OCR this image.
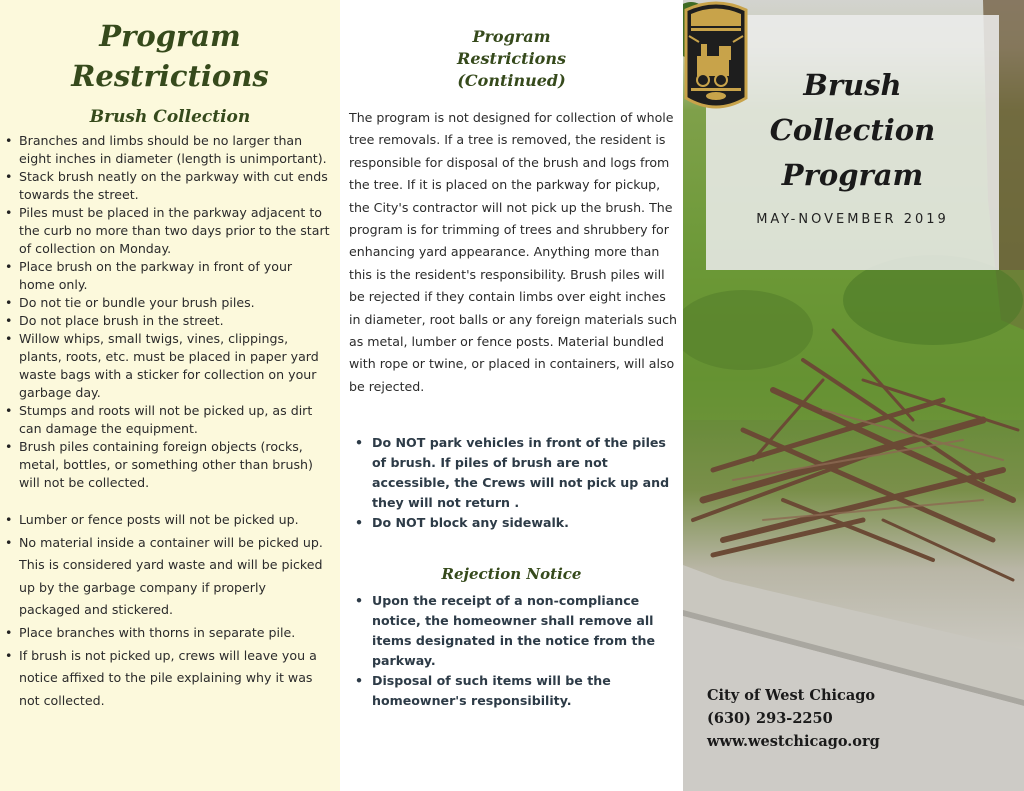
Program
Restrictions
Brush Collection
• Branches and limbs should be no larger than eight inches in diameter (length is unimportant).
• Stack brush neatly on the parkway with cut ends towards the street.
• Piles must be placed in the parkway adjacent to the curb no more than two days prior to the start of collection on Monday.
• Place brush on the parkway in front of your home only.
• Do not tie or bundle your brush piles.
• Do not place brush in the street.
• Willow whips, small twigs, vines, clippings, plants, roots, etc. must be placed in paper yard waste bags with a sticker for collection on your garbage day.
• Stumps and roots will not be picked up, as dirt can damage the equipment.
• Brush piles containing foreign objects (rocks, metal, bottles, or something other than brush) will not be collected.
• Lumber or fence posts will not be picked up.
• No material inside a container will be picked up. This is considered yard waste and will be picked up by the garbage company if properly packaged and stickered.
• Place branches with thorns in separate pile.
• If brush is not picked up, crews will leave you a notice affixed to the pile explaining why it was not collected.
Program
Restrictions
(Continued)

The program is not designed for collection of whole tree removals. If a tree is removed, the resident is responsible for disposal of the brush and logs from the tree. If it is placed on the parkway for pickup, the City's contractor will not pick up the brush. The program is for trimming of trees and shrubbery for enhancing yard appearance. Anything more than this is the resident's responsibility. Brush piles will be rejected if they contain limbs over eight inches in diameter, root balls or any foreign materials such as metal, lumber or fence posts. Material bundled with rope or twine, or placed in containers, will also be rejected.

• Do NOT park vehicles in front of the piles of brush. If piles of brush are not accessible, the Crews will not pick up and they will not return .
• Do NOT block any sidewalk.
Rejection Notice
• Upon the receipt of a non-compliance notice, the homeowner shall remove all items designated in the notice from the parkway.
• Disposal of such items will be the homeowner's responsibility.
Brush
Collection
Program
MAY-NOVEMBER 2019
City of West Chicago
(630) 293-2250
www.westchicago.org
